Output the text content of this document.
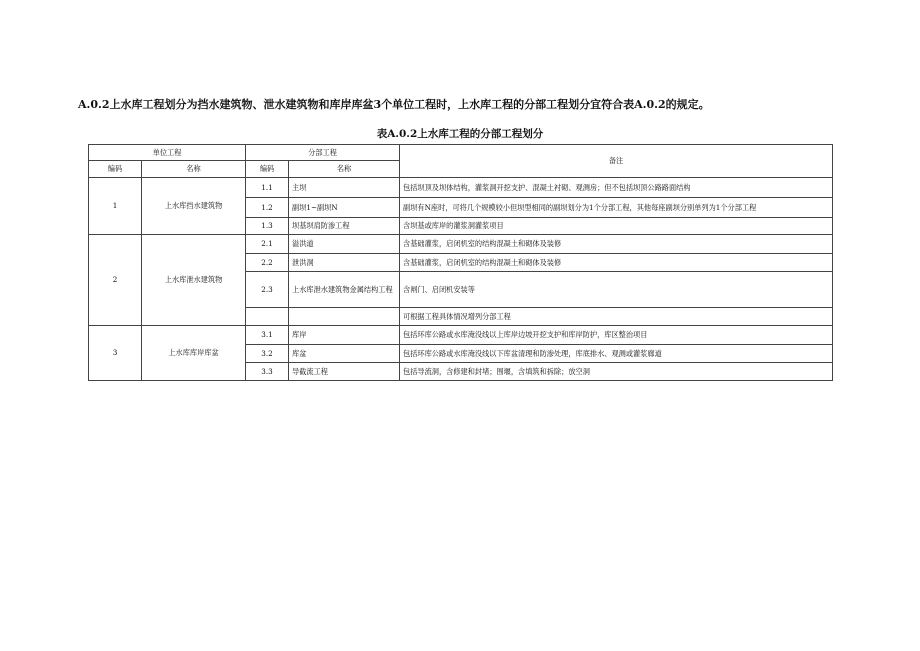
A.0.2上水库工程划分为挡水建筑物、泄水建筑物和库岸库盆3个单位工程时，上水库工程的分部工程划分宜符合表A.0.2的规定。
表A.0.2上水库工程的分部工程划分
单位工程		分部工程		备注
编码	名称	编码	名称	
1	上水库挡水建筑物	1.1	主坝	包括坝顶及坝体结构，灌浆洞开挖支护、混凝土衬砌、观测房；但不包括坝顶公路路面结构
		1.2	副坝1~副坝N	副坝有N座时，可将几个规模较小但坝型相同的副坝划分为1个分部工程，其他每座副坝分别单列为1个分部工程
		1.3	坝基坝肩防渗工程	含坝基或库岸的灌浆洞灌浆项目
2	上水库泄水建筑物	2.1	溢洪道	含基础灌浆，启闭机室的结构混凝土和砌体及装修
		2.2	泄洪洞	含基础灌浆，启闭机室的结构混凝土和砌体及装修
		2.3	上水库泄水建筑物金属结构工程	含闸门、启闭机安装等
				可根据工程具体情况增列分部工程
3	上水库库岸库盆	3.1	库岸	包括环库公路或水库淹没线以上库岸边坡开挖支护和库岸防护，库区整治项目
		3.2	库盆	包括环库公路或水库淹没线以下库盆清理和防渗处理，库底排水、观测或灌浆廊道
		3.3	导截流工程	包括导流洞，含修建和封堵；围堰，含填筑和拆除；放空洞
